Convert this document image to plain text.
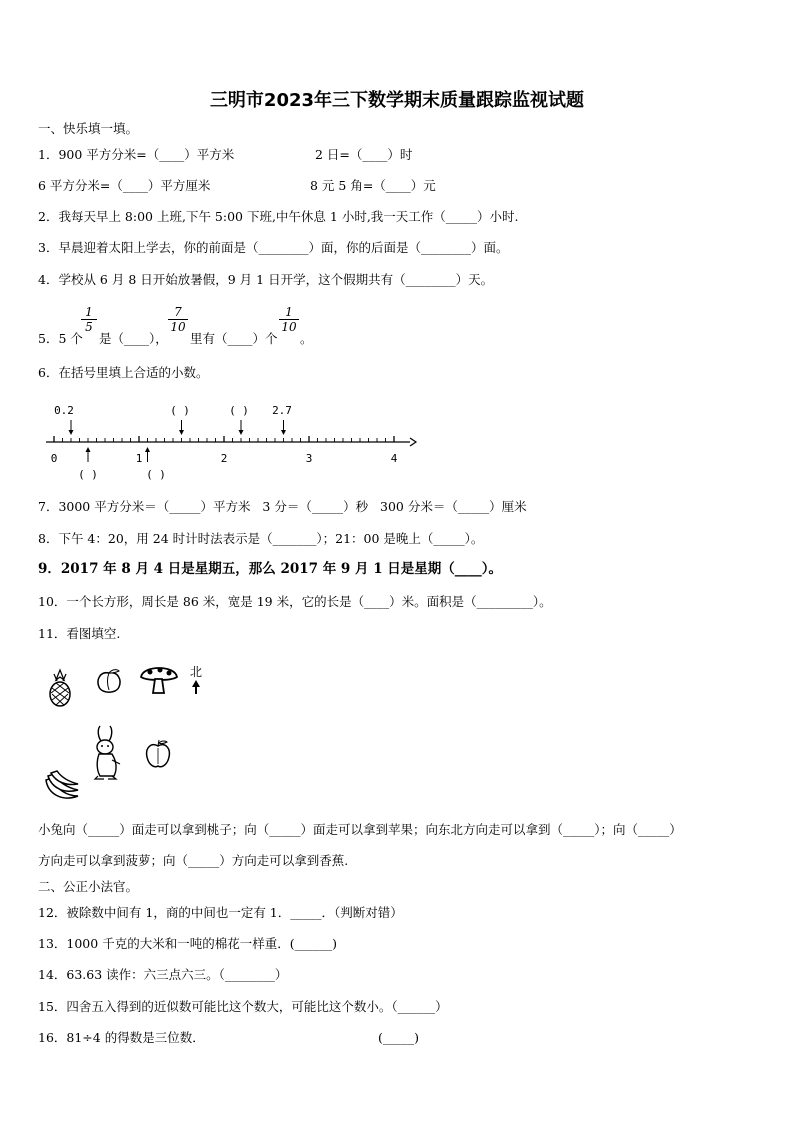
三明市2023年三下数学期末质量跟踪监视试题
一、快乐填一填。
1．900 平方分米=（____）平方米	2 日=（____）时
6 平方分米=（____）平方厘米	8 元 5 角=（____）元
2．我每天早上 8:00 上班,下午 5:00 下班,中午休息 1 小时,我一天工作（_____）小时.
3．早晨迎着太阳上学去，你的前面是（________）面，你的后面是（________）面。
4．学校从 6 月 8 日开始放暑假，9 月 1 日开学，这个假期共有（________）天。
5．5 个
$\frac{1}{5}$
是（____），
$\frac{7}{10}$
里有（____）个
$\frac{1}{10}$
。
6．在括号里填上合适的小数。
0.2	( )	( ) 2.7
0	1	2	3	4
( )	( )
7．3000 平方分米＝（_____）平方米   3 分＝（_____）秒   300 分米＝（_____）厘米
8．下午 4：20，用 24 时计时法表示是（_______）；21：00 是晚上（_____）。
9．2017 年 8 月 4 日是星期五，那么 2017 年 9 月 1 日是星期（____）。
10．一个长方形，周长是 86 米，宽是 19 米，它的长是（____）米。面积是（_________）。
11．看图填空.
北
小兔向（_____）面走可以拿到桃子；向（_____）面走可以拿到苹果；向东北方向走可以拿到（_____）；向（_____）
方向走可以拿到菠萝；向（_____）方向走可以拿到香蕉.
二、公正小法官。
12．被除数中间有 1，商的中间也一定有 1．_____．（判断对错）
13．1000 千克的大米和一吨的棉花一样重．(______)
14．63.63 读作：六三点六三。（________）
15．四舍五入得到的近似数可能比这个数大，可能比这个数小。（______）
16．81÷4 的得数是三位数．	(_____)
